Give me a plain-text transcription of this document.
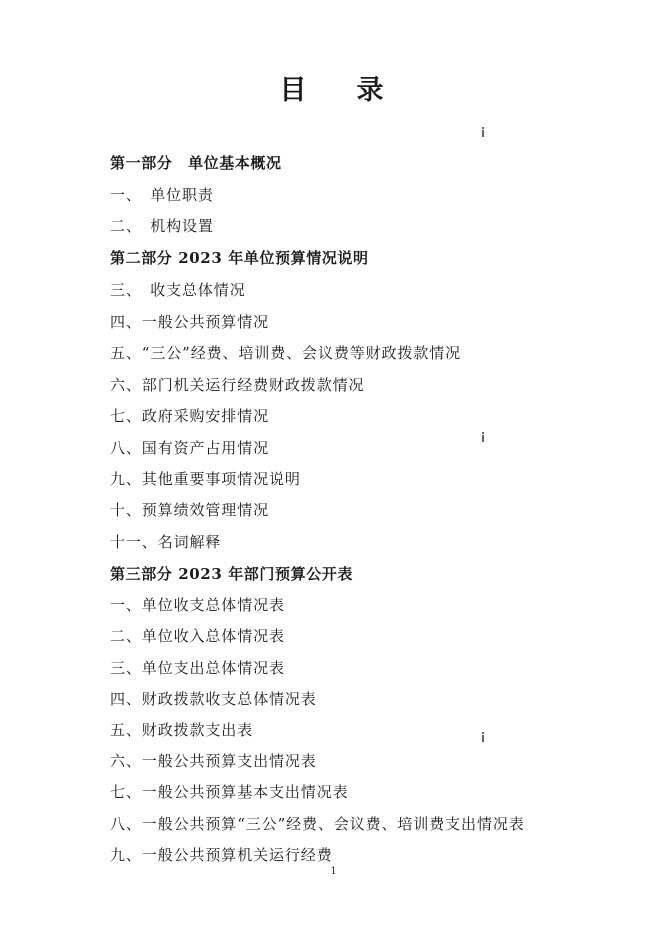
目 录
第一部分　单位基本概况
一、　单位职责
二、　机构设置
第二部分 2023 年单位预算情况说明
三、　收支总体情况
四、一般公共预算情况
五、“三公”经费、培训费、会议费等财政拨款情况
六、部门机关运行经费财政拨款情况
七、政府采购安排情况
八、国有资产占用情况
九、其他重要事项情况说明
十、预算绩效管理情况
十一、名词解释
第三部分 2023 年部门预算公开表
一、单位收支总体情况表
二、单位收入总体情况表
三、单位支出总体情况表
四、财政拨款收支总体情况表
五、财政拨款支出表
六、一般公共预算支出情况表
七、一般公共预算基本支出情况表
八、一般公共预算“三公”经费、会议费、培训费支出情况表
九、一般公共预算机关运行经费
1
